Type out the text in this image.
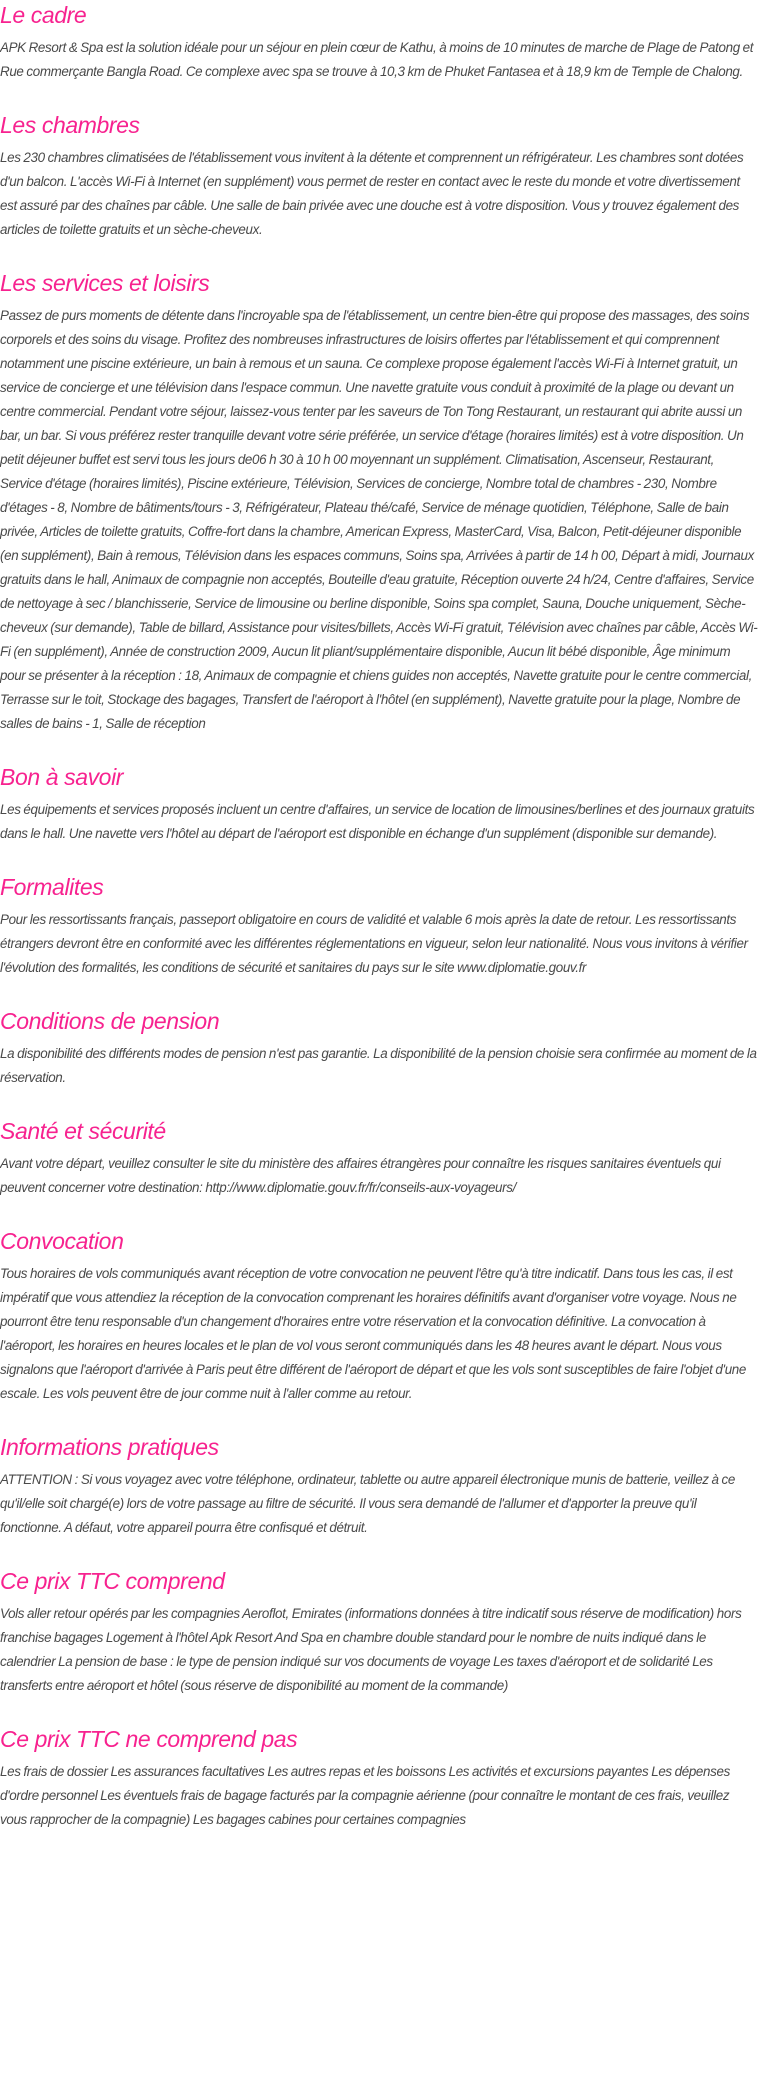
Le cadre

APK Resort & Spa est la solution idéale pour un séjour en plein cœur de Kathu, à moins de 10 minutes de marche de Plage de Patong et Rue commerçante Bangla Road. Ce complexe avec spa se trouve à 10,3 km de Phuket Fantasea et à 18,9 km de Temple de Chalong.

Les chambres

Les 230 chambres climatisées de l'établissement vous invitent à la détente et comprennent un réfrigérateur. Les chambres sont dotées d'un balcon. L'accès Wi-Fi à Internet (en supplément) vous permet de rester en contact avec le reste du monde et votre divertissement est assuré par des chaînes par câble. Une salle de bain privée avec une douche est à votre disposition. Vous y trouvez également des articles de toilette gratuits et un sèche-cheveux.

Les services et loisirs

Passez de purs moments de détente dans l'incroyable spa de l'établissement, un centre bien-être qui propose des massages, des soins corporels et des soins du visage. Profitez des nombreuses infrastructures de loisirs offertes par l'établissement et qui comprennent notamment une piscine extérieure, un bain à remous et un sauna. Ce complexe propose également l'accès Wi-Fi à Internet gratuit, un service de concierge et une télévision dans l'espace commun. Une navette gratuite vous conduit à proximité de la plage ou devant un centre commercial. Pendant votre séjour, laissez-vous tenter par les saveurs de Ton Tong Restaurant, un restaurant qui abrite aussi un bar, un bar. Si vous préférez rester tranquille devant votre série préférée, un service d'étage (horaires limités) est à votre disposition. Un petit déjeuner buffet est servi tous les jours de06 h 30 à 10 h 00 moyennant un supplément. Climatisation, Ascenseur, Restaurant, Service d'étage (horaires limités), Piscine extérieure, Télévision, Services de concierge, Nombre total de chambres - 230, Nombre d'étages - 8, Nombre de bâtiments/tours - 3, Réfrigérateur, Plateau thé/café, Service de ménage quotidien, Téléphone, Salle de bain privée, Articles de toilette gratuits, Coffre-fort dans la chambre, American Express, MasterCard, Visa, Balcon, Petit-déjeuner disponible (en supplément), Bain à remous, Télévision dans les espaces communs, Soins spa, Arrivées à partir de 14 h 00, Départ à midi, Journaux gratuits dans le hall, Animaux de compagnie non acceptés, Bouteille d'eau gratuite, Réception ouverte 24 h/24, Centre d'affaires, Service de nettoyage à sec / blanchisserie, Service de limousine ou berline disponible, Soins spa complet, Sauna, Douche uniquement, Sèche-cheveux (sur demande), Table de billard, Assistance pour visites/billets, Accès Wi-Fi gratuit, Télévision avec chaînes par câble, Accès Wi-Fi (en supplément), Année de construction 2009, Aucun lit pliant/supplémentaire disponible, Aucun lit bébé disponible, Âge minimum pour se présenter à la réception : 18, Animaux de compagnie et chiens guides non acceptés, Navette gratuite pour le centre commercial, Terrasse sur le toit, Stockage des bagages, Transfert de l'aéroport à l'hôtel (en supplément), Navette gratuite pour la plage, Nombre de salles de bains - 1, Salle de réception

Bon à savoir

Les équipements et services proposés incluent un centre d'affaires, un service de location de limousines/berlines et des journaux gratuits dans le hall. Une navette vers l'hôtel au départ de l'aéroport est disponible en échange d'un supplément (disponible sur demande).

Formalites

Pour les ressortissants français, passeport obligatoire en cours de validité et valable 6 mois après la date de retour. Les ressortissants étrangers devront être en conformité avec les différentes réglementations en vigueur, selon leur nationalité. Nous vous invitons à vérifier l'évolution des formalités, les conditions de sécurité et sanitaires du pays sur le site www.diplomatie.gouv.fr

Conditions de pension

La disponibilité des différents modes de pension n'est pas garantie. La disponibilité de la pension choisie sera confirmée au moment de la réservation.

Santé et sécurité

Avant votre départ, veuillez consulter le site du ministère des affaires étrangères pour connaître les risques sanitaires éventuels qui peuvent concerner votre destination: http://www.diplomatie.gouv.fr/fr/conseils-aux-voyageurs/

Convocation

Tous horaires de vols communiqués avant réception de votre convocation ne peuvent l'être qu'à titre indicatif. Dans tous les cas, il est impératif que vous attendiez la réception de la convocation comprenant les horaires définitifs avant d'organiser votre voyage. Nous ne pourront être tenu responsable d'un changement d'horaires entre votre réservation et la convocation définitive. La convocation à l'aéroport, les horaires en heures locales et le plan de vol vous seront communiqués dans les 48 heures avant le départ. Nous vous signalons que l'aéroport d'arrivée à Paris peut être différent de l'aéroport de départ et que les vols sont susceptibles de faire l'objet d'une escale. Les vols peuvent être de jour comme nuit à l'aller comme au retour.

Informations pratiques

ATTENTION : Si vous voyagez avec votre téléphone, ordinateur, tablette ou autre appareil électronique munis de batterie, veillez à ce qu'il/elle soit chargé(e) lors de votre passage au filtre de sécurité. Il vous sera demandé de l'allumer et d'apporter la preuve qu'il fonctionne. A défaut, votre appareil pourra être confisqué et détruit.

Ce prix TTC comprend

Vols aller retour opérés par les compagnies Aeroflot, Emirates (informations données à titre indicatif sous réserve de modification) hors franchise bagages Logement à l'hôtel Apk Resort And Spa en chambre double standard pour le nombre de nuits indiqué dans le calendrier La pension de base : le type de pension indiqué sur vos documents de voyage Les taxes d'aéroport et de solidarité Les transferts entre aéroport et hôtel (sous réserve de disponibilité au moment de la commande)

Ce prix TTC ne comprend pas

Les frais de dossier Les assurances facultatives Les autres repas et les boissons Les activités et excursions payantes Les dépenses d'ordre personnel Les éventuels frais de bagage facturés par la compagnie aérienne (pour connaître le montant de ces frais, veuillez vous rapprocher de la compagnie) Les bagages cabines pour certaines compagnies
